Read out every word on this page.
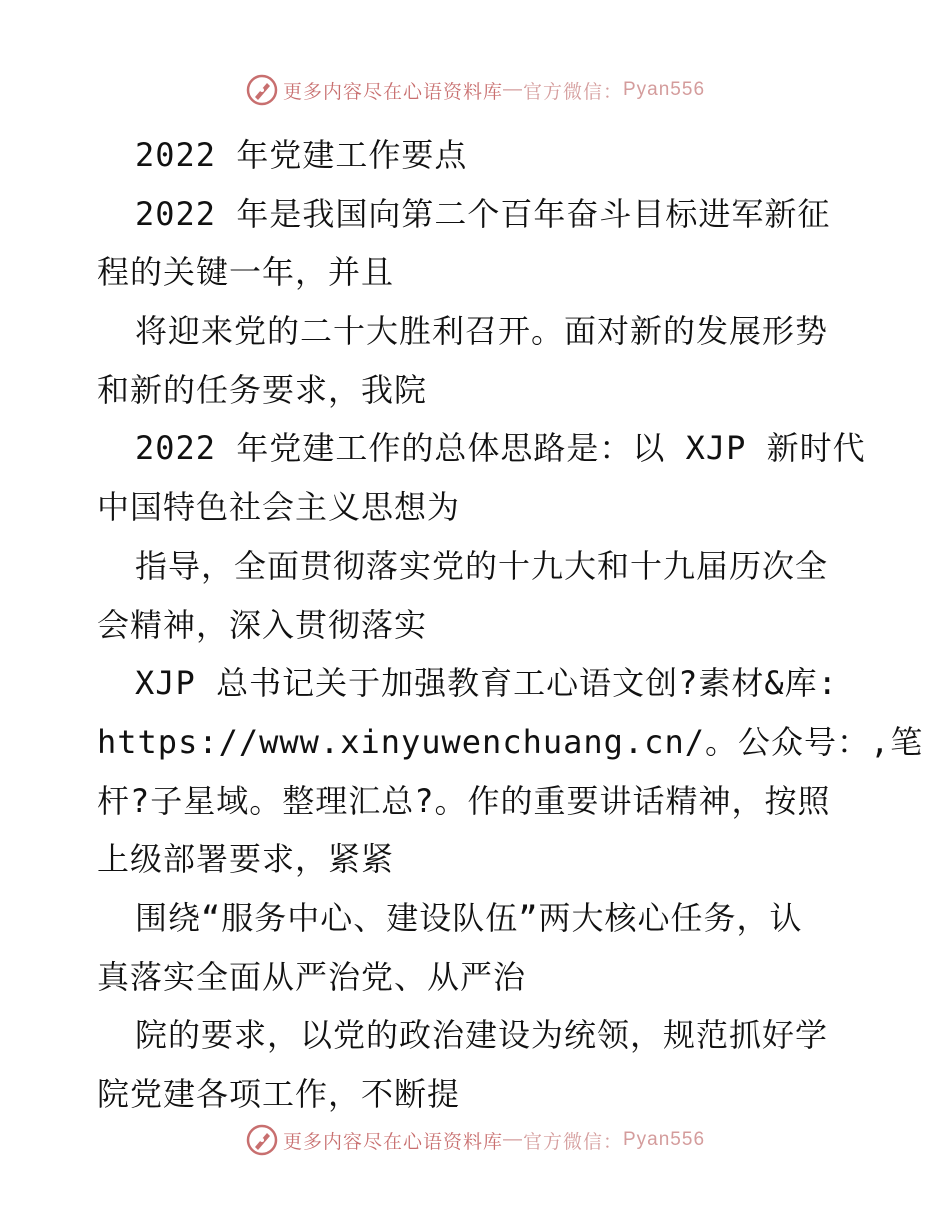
更多内容尽在心语资料库 — 官方微信： Pyan556
2022 年党建工作要点
2022 年是我国向第二个百年奋斗目标进军新征
程的关键一年，并且
将迎来党的二十大胜利召开。面对新的发展形势
和新的任务要求，我院
2022 年党建工作的总体思路是：以 XJP 新时代
中国特色社会主义思想为
指导，全面贯彻落实党的十九大和十九届历次全
会精神，深入贯彻落实
XJP 总书记关于加强教育工心语文创?素材&库:
https://www.xinyuwenchuang.cn/。公众号：,笔
杆?子星域。整理汇总?。作的重要讲话精神，按照
上级部署要求，紧紧
围绕“服务中心、建设队伍”两大核心任务，认
真落实全面从严治党、从严治
院的要求，以党的政治建设为统领，规范抓好学
院党建各项工作，不断提
更多内容尽在心语资料库 — 官方微信： Pyan556
